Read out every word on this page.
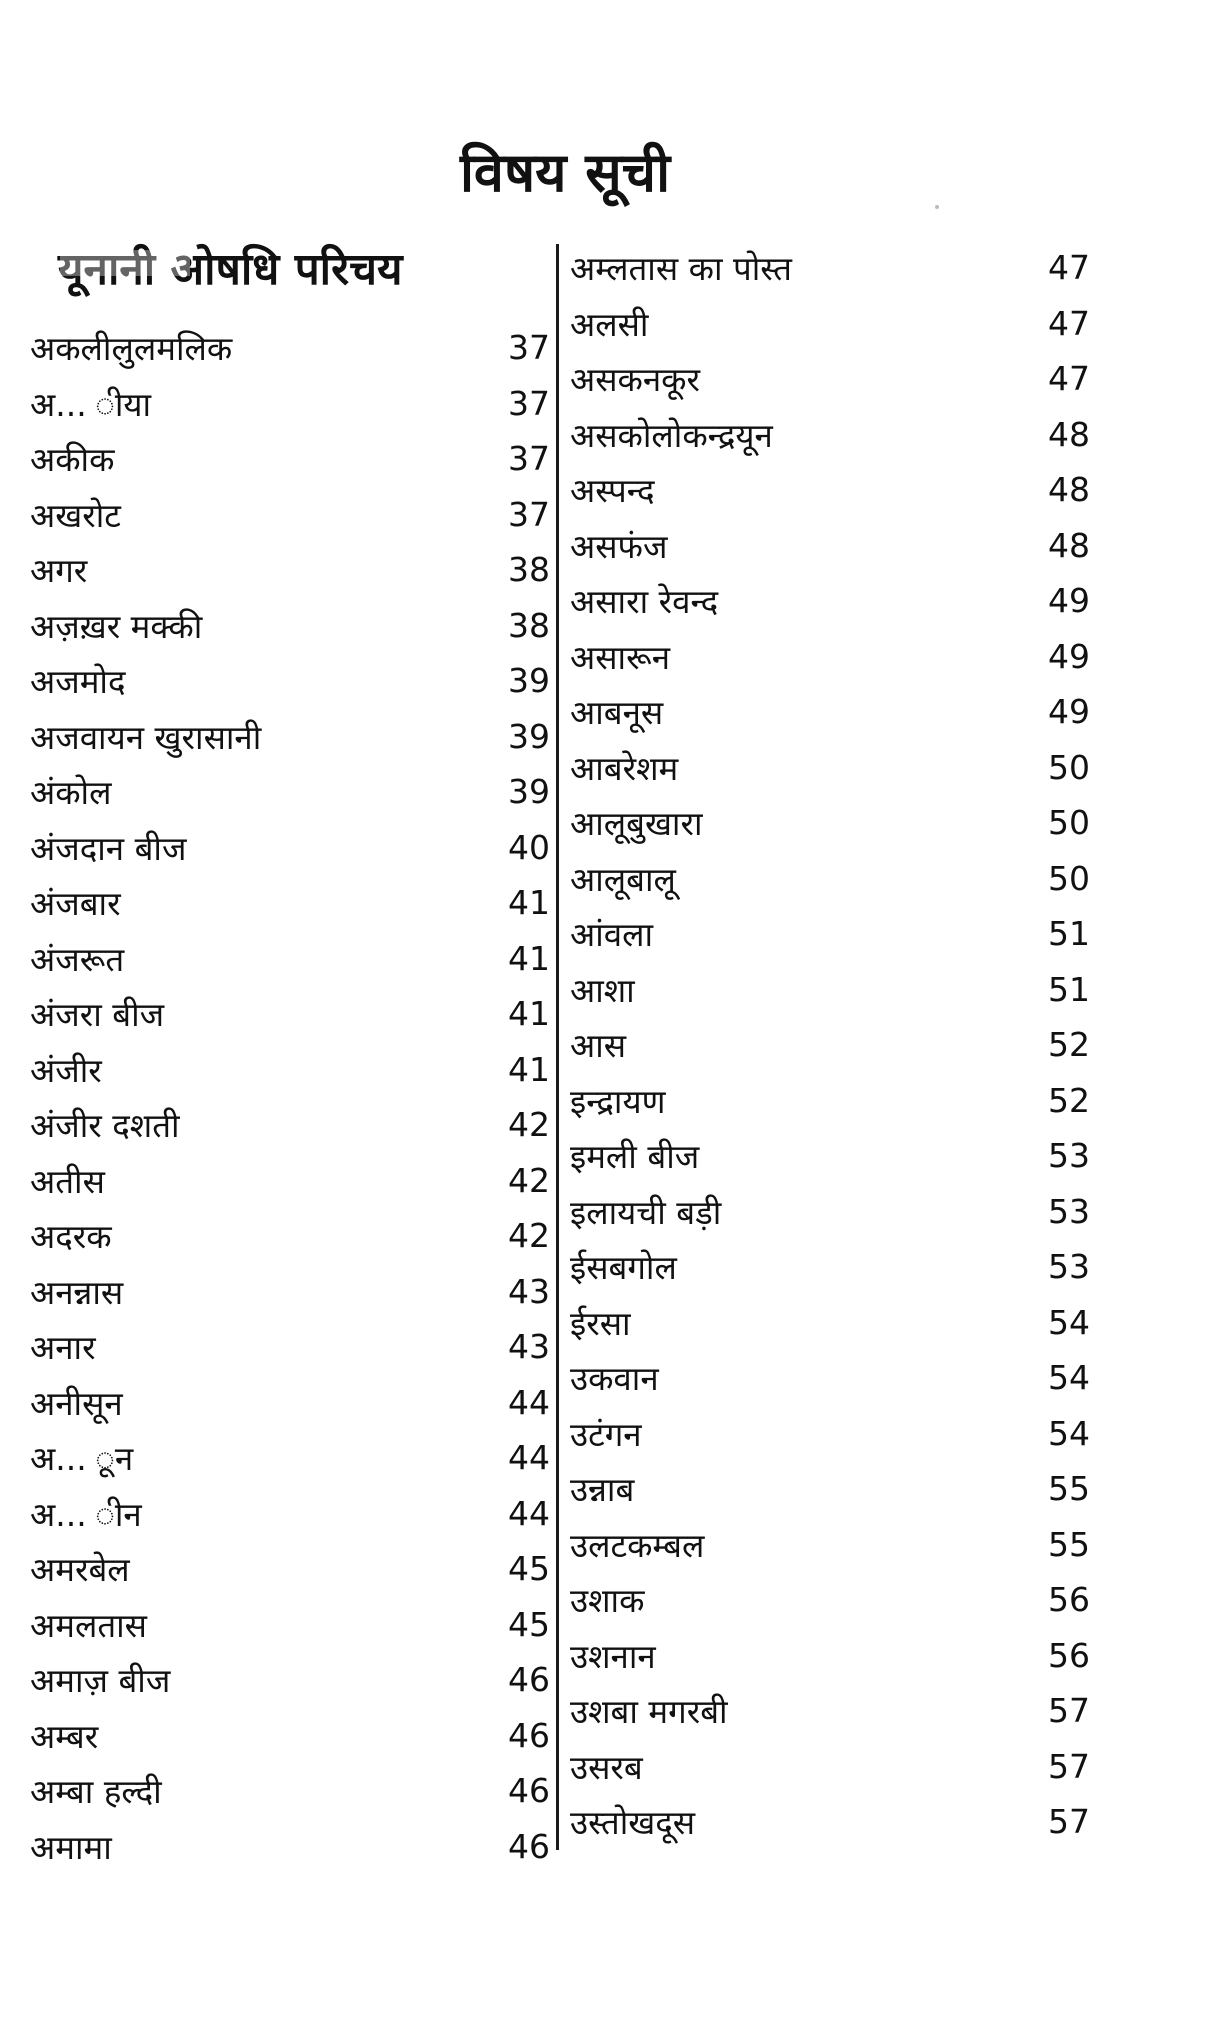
विषय सूची
यूनानी ओषधि परिचय
अकलीलुलमलिक	37
अ... ीया	37
अकीक	37
अखरोट	37
अगर	38
अज़ख़र मक्की	38
अजमोद	39
अजवायन खुरासानी	39
अंकोल	39
अंजदान बीज	40
अंजबार	41
अंजरूत	41
अंजरा बीज	41
अंजीर	41
अंजीर दशती	42
अतीस	42
अदरक	42
अनन्नास	43
अनार	43
अनीसून	44
अ... ून	44
अ... ीन	44
अमरबेल	45
अमलतास	45
अमाज़ बीज	46
अम्बर	46
अम्बा हल्दी	46
अमामा	46
अम्लतास का पोस्त	47
अलसी	47
असकनकूर	47
असकोलोकन्द्रयून	48
अस्पन्द	48
असफंज	48
असारा रेवन्द	49
असारून	49
आबनूस	49
आबरेशम	50
आलूबुखारा	50
आलूबालू	50
आंवला	51
आशा	51
आस	52
इन्द्रायण	52
इमली बीज	53
इलायची बड़ी	53
ईसबगोल	53
ईरसा	54
उकवान	54
उटंगन	54
उन्नाब	55
उलटकम्बल	55
उशाक	56
उशनान	56
उशबा मगरबी	57
उसरब	57
उस्तोखदूस	57
